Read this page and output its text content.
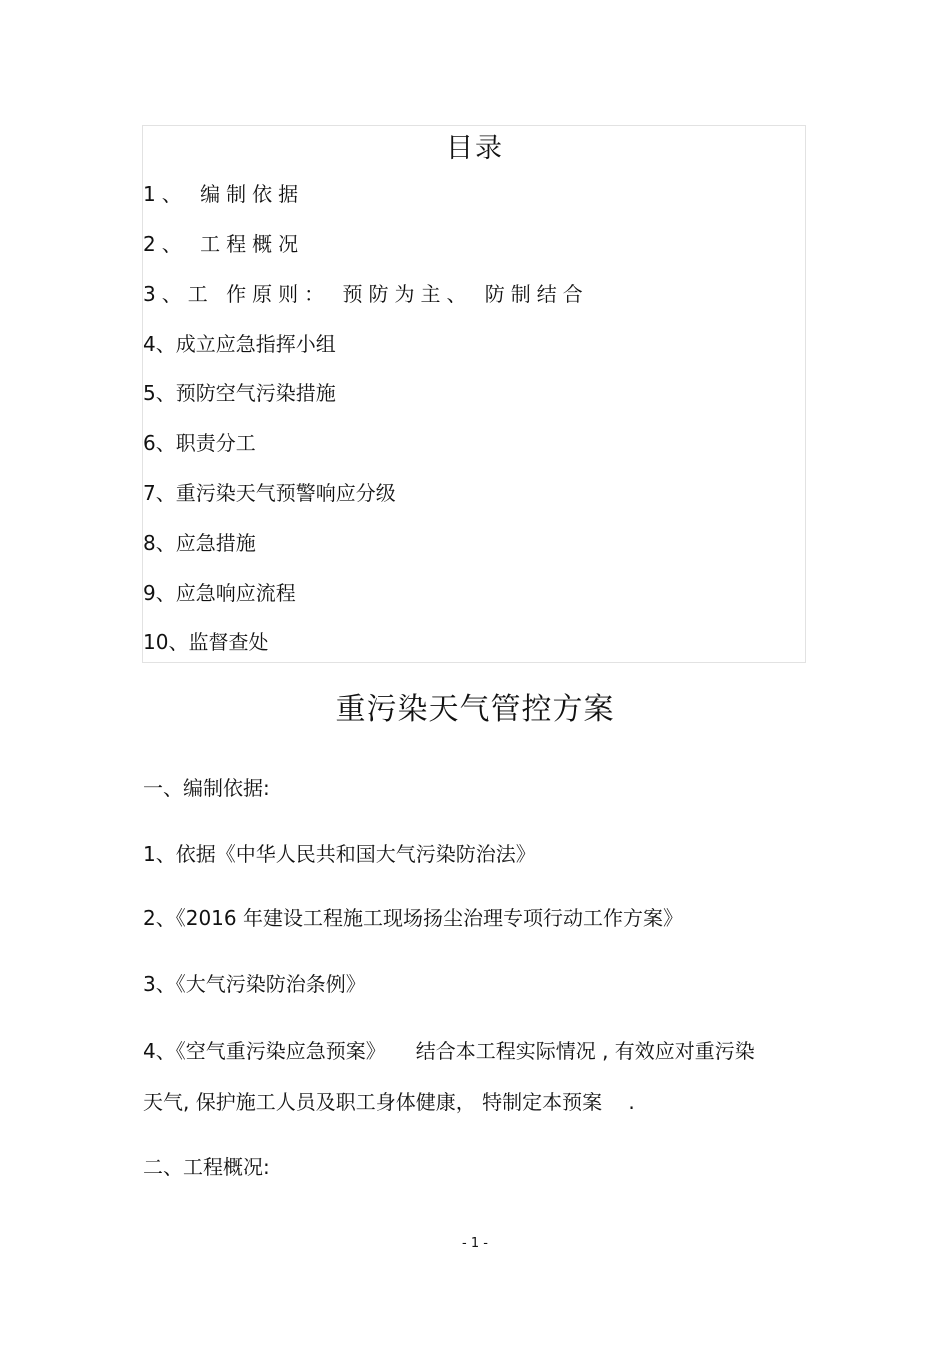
目录
1、 编制依据
2、 工程概况
3、工 作原则： 预防为主、 防制结合
4、成立应急指挥小组
5、预防空气污染措施
6、职责分工
7、重污染天气预警响应分级
8、应急措施
9、应急响应流程
10、监督查处
重污染天气管控方案
一、编制依据:
1、依据《中华人民共和国大气污染防治法》
2、《2016 年建设工程施工现场扬尘治理专项行动工作方案》
3、《大气污染防治条例》
4、《空气重污染应急预案》　　结合本工程实际情况 , 有效应对重污染
天气, 保护施工人员及职工身体健康， 特制定本预案　 .
二、工程概况:
- 1 -
